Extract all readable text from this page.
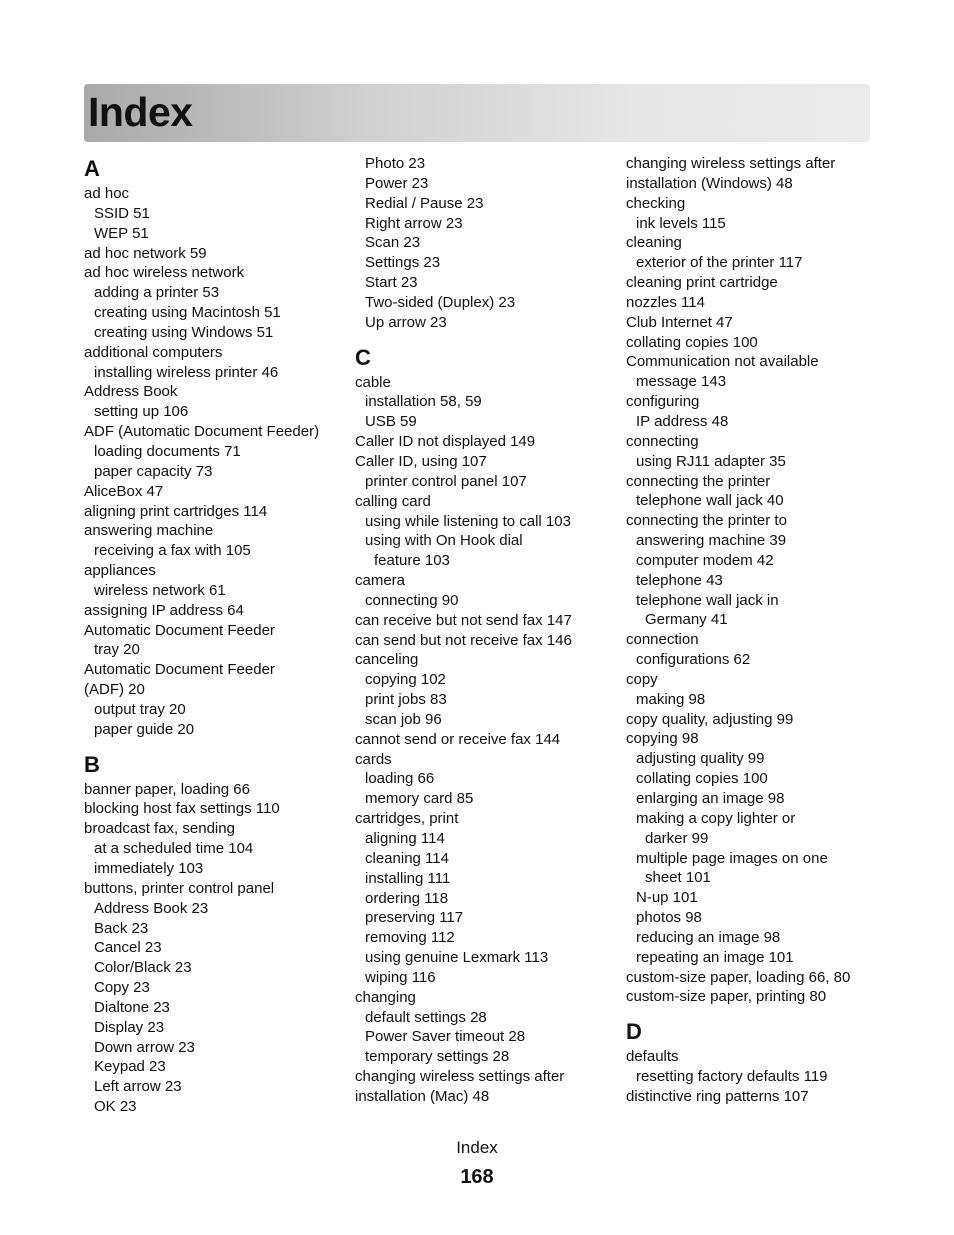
Index
A
ad hoc
SSID 51
WEP 51
ad hoc network 59
ad hoc wireless network
adding a printer 53
creating using Macintosh 51
creating using Windows 51
additional computers
installing wireless printer 46
Address Book
setting up 106
ADF (Automatic Document Feeder)
loading documents 71
paper capacity 73
AliceBox 47
aligning print cartridges 114
answering machine
receiving a fax with 105
appliances
wireless network 61
assigning IP address 64
Automatic Document Feeder
tray 20
Automatic Document Feeder
(ADF) 20
output tray 20
paper guide 20
B
banner paper, loading 66
blocking host fax settings 110
broadcast fax, sending
at a scheduled time 104
immediately 103
buttons, printer control panel
Address Book 23
Back 23
Cancel 23
Color/Black 23
Copy 23
Dialtone 23
Display 23
Down arrow 23
Keypad 23
Left arrow 23
OK 23
Photo 23
Power 23
Redial / Pause 23
Right arrow 23
Scan 23
Settings 23
Start 23
Two-sided (Duplex) 23
Up arrow 23
C
cable
installation 58, 59
USB 59
Caller ID not displayed 149
Caller ID, using 107
printer control panel 107
calling card
using while listening to call 103
using with On Hook dial
feature 103
camera
connecting 90
can receive but not send fax 147
can send but not receive fax 146
canceling
copying 102
print jobs 83
scan job 96
cannot send or receive fax 144
cards
loading 66
memory card 85
cartridges, print
aligning 114
cleaning 114
installing 111
ordering 118
preserving 117
removing 112
using genuine Lexmark 113
wiping 116
changing
default settings 28
Power Saver timeout 28
temporary settings 28
changing wireless settings after
installation (Mac) 48
changing wireless settings after
installation (Windows) 48
checking
ink levels 115
cleaning
exterior of the printer 117
cleaning print cartridge
nozzles 114
Club Internet 47
collating copies 100
Communication not available
message 143
configuring
IP address 48
connecting
using RJ11 adapter 35
connecting the printer
telephone wall jack 40
connecting the printer to
answering machine 39
computer modem 42
telephone 43
telephone wall jack in
Germany 41
connection
configurations 62
copy
making 98
copy quality, adjusting 99
copying 98
adjusting quality 99
collating copies 100
enlarging an image 98
making a copy lighter or
darker 99
multiple page images on one
sheet 101
N-up 101
photos 98
reducing an image 98
repeating an image 101
custom-size paper, loading 66, 80
custom-size paper, printing 80
D
defaults
resetting factory defaults 119
distinctive ring patterns 107
Index
168
